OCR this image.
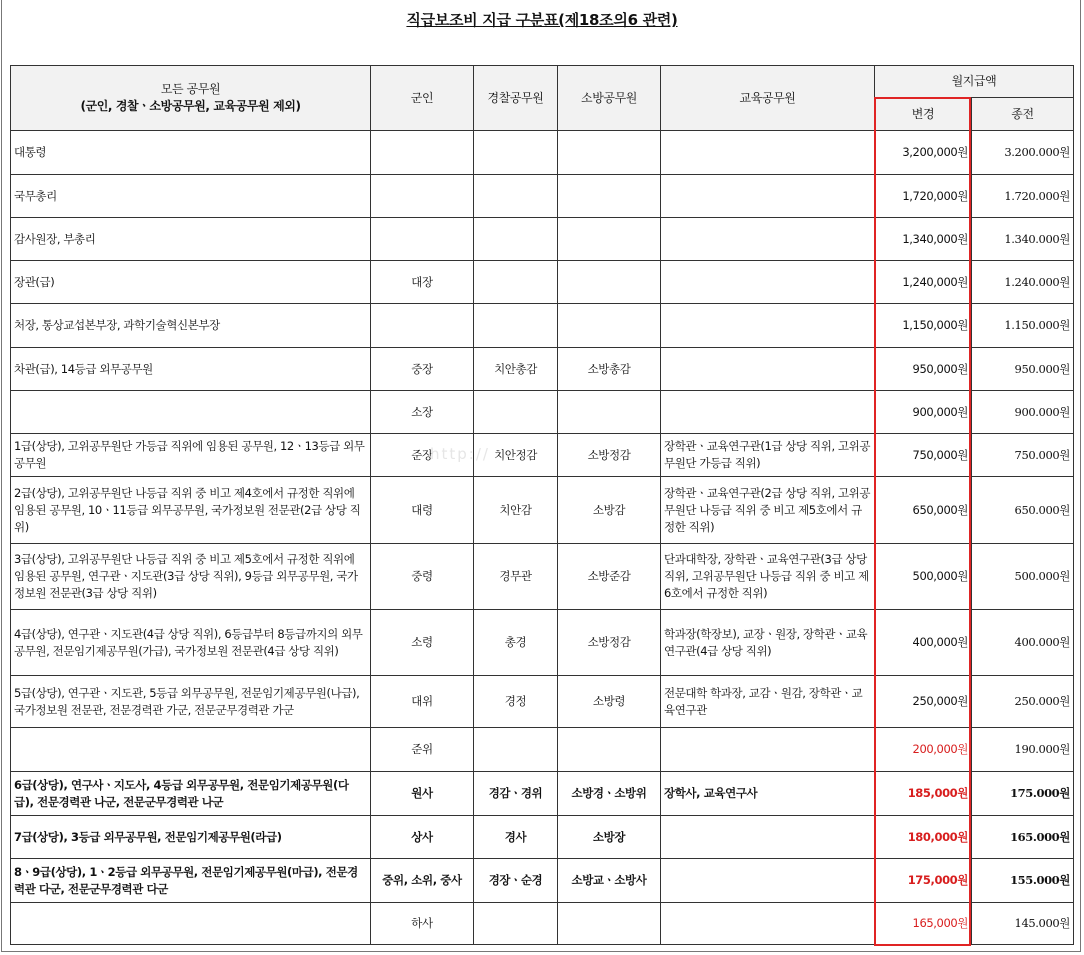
직급보조비 지급 구분표(제18조의6 관련)
모든 공무원
(군인, 경찰ㆍ소방공무원, 교육공무원 제외)	군인	경찰공무원	소방공무원	교육공무원	월지급액	
					변경	종전
대통령					3,200,000원	3.200.000원
국무총리					1,720,000원	1.720.000원
감사원장, 부총리					1,340,000원	1.340.000원
장관(급)	대장				1,240,000원	1.240.000원
처장, 통상교섭본부장, 과학기술혁신본부장					1,150,000원	1.150.000원
차관(급), 14등급 외무공무원	중장	치안총감	소방총감		950,000원	950.000원
	소장				900,000원	900.000원
1급(상당), 고위공무원단 가등급 직위에 임용된 공무원, 12ㆍ13등급 외무공무원	준장	치안정감	소방정감	장학관ㆍ교육연구관(1급 상당 직위, 고위공무원단 가등급 직위)	750,000원	750.000원
2급(상당), 고위공무원단 나등급 직위 중 비고 제4호에서 규정한 직위에 임용된 공무원, 10ㆍ11등급 외무공무원, 국가정보원 전문관(2급 상당 직위)	대령	치안감	소방감	장학관ㆍ교육연구관(2급 상당 직위, 고위공무원단 나등급 직위 중 비고 제5호에서 규정한 직위)	650,000원	650.000원
3급(상당), 고위공무원단 나등급 직위 중 비고 제5호에서 규정한 직위에 임용된 공무원, 연구관ㆍ지도관(3급 상당 직위), 9등급 외무공무원, 국가정보원 전문관(3급 상당 직위)	중령	경무관	소방준감	단과대학장, 장학관ㆍ교육연구관(3급 상당 직위, 고위공무원단 나등급 직위 중 비고 제6호에서 규정한 직위)	500,000원	500.000원
4급(상당), 연구관ㆍ지도관(4급 상당 직위), 6등급부터 8등급까지의 외무공무원, 전문임기제공무원(가급), 국가정보원 전문관(4급 상당 직위)	소령	총경	소방정감	학과장(학장보), 교장ㆍ원장, 장학관ㆍ교육연구관(4급 상당 직위)	400,000원	400.000원
5급(상당), 연구관ㆍ지도관, 5등급 외무공무원, 전문임기제공무원(나급), 국가정보원 전문관, 전문경력관 가군, 전문군무경력관 가군	대위	경정	소방령	전문대학 학과장, 교감ㆍ원감, 장학관ㆍ교육연구관	250,000원	250.000원
	준위				200,000원	190.000원
6급(상당), 연구사ㆍ지도사, 4등급 외무공무원, 전문임기제공무원(다급), 전문경력관 나군, 전문군무경력관 나군	원사	경감ㆍ경위	소방경ㆍ소방위	장학사, 교육연구사	185,000원	175.000원
7급(상당), 3등급 외무공무원, 전문임기제공무원(라급)	상사	경사	소방장		180,000원	165.000원
8ㆍ9급(상당), 1ㆍ2등급 외무공무원, 전문임기제공무원(마급), 전문경력관 다군, 전문군무경력관 다군	중위, 소위, 중사	경장ㆍ순경	소방교ㆍ소방사		175,000원	155.000원
	하사				165,000원	145.000원
http://
